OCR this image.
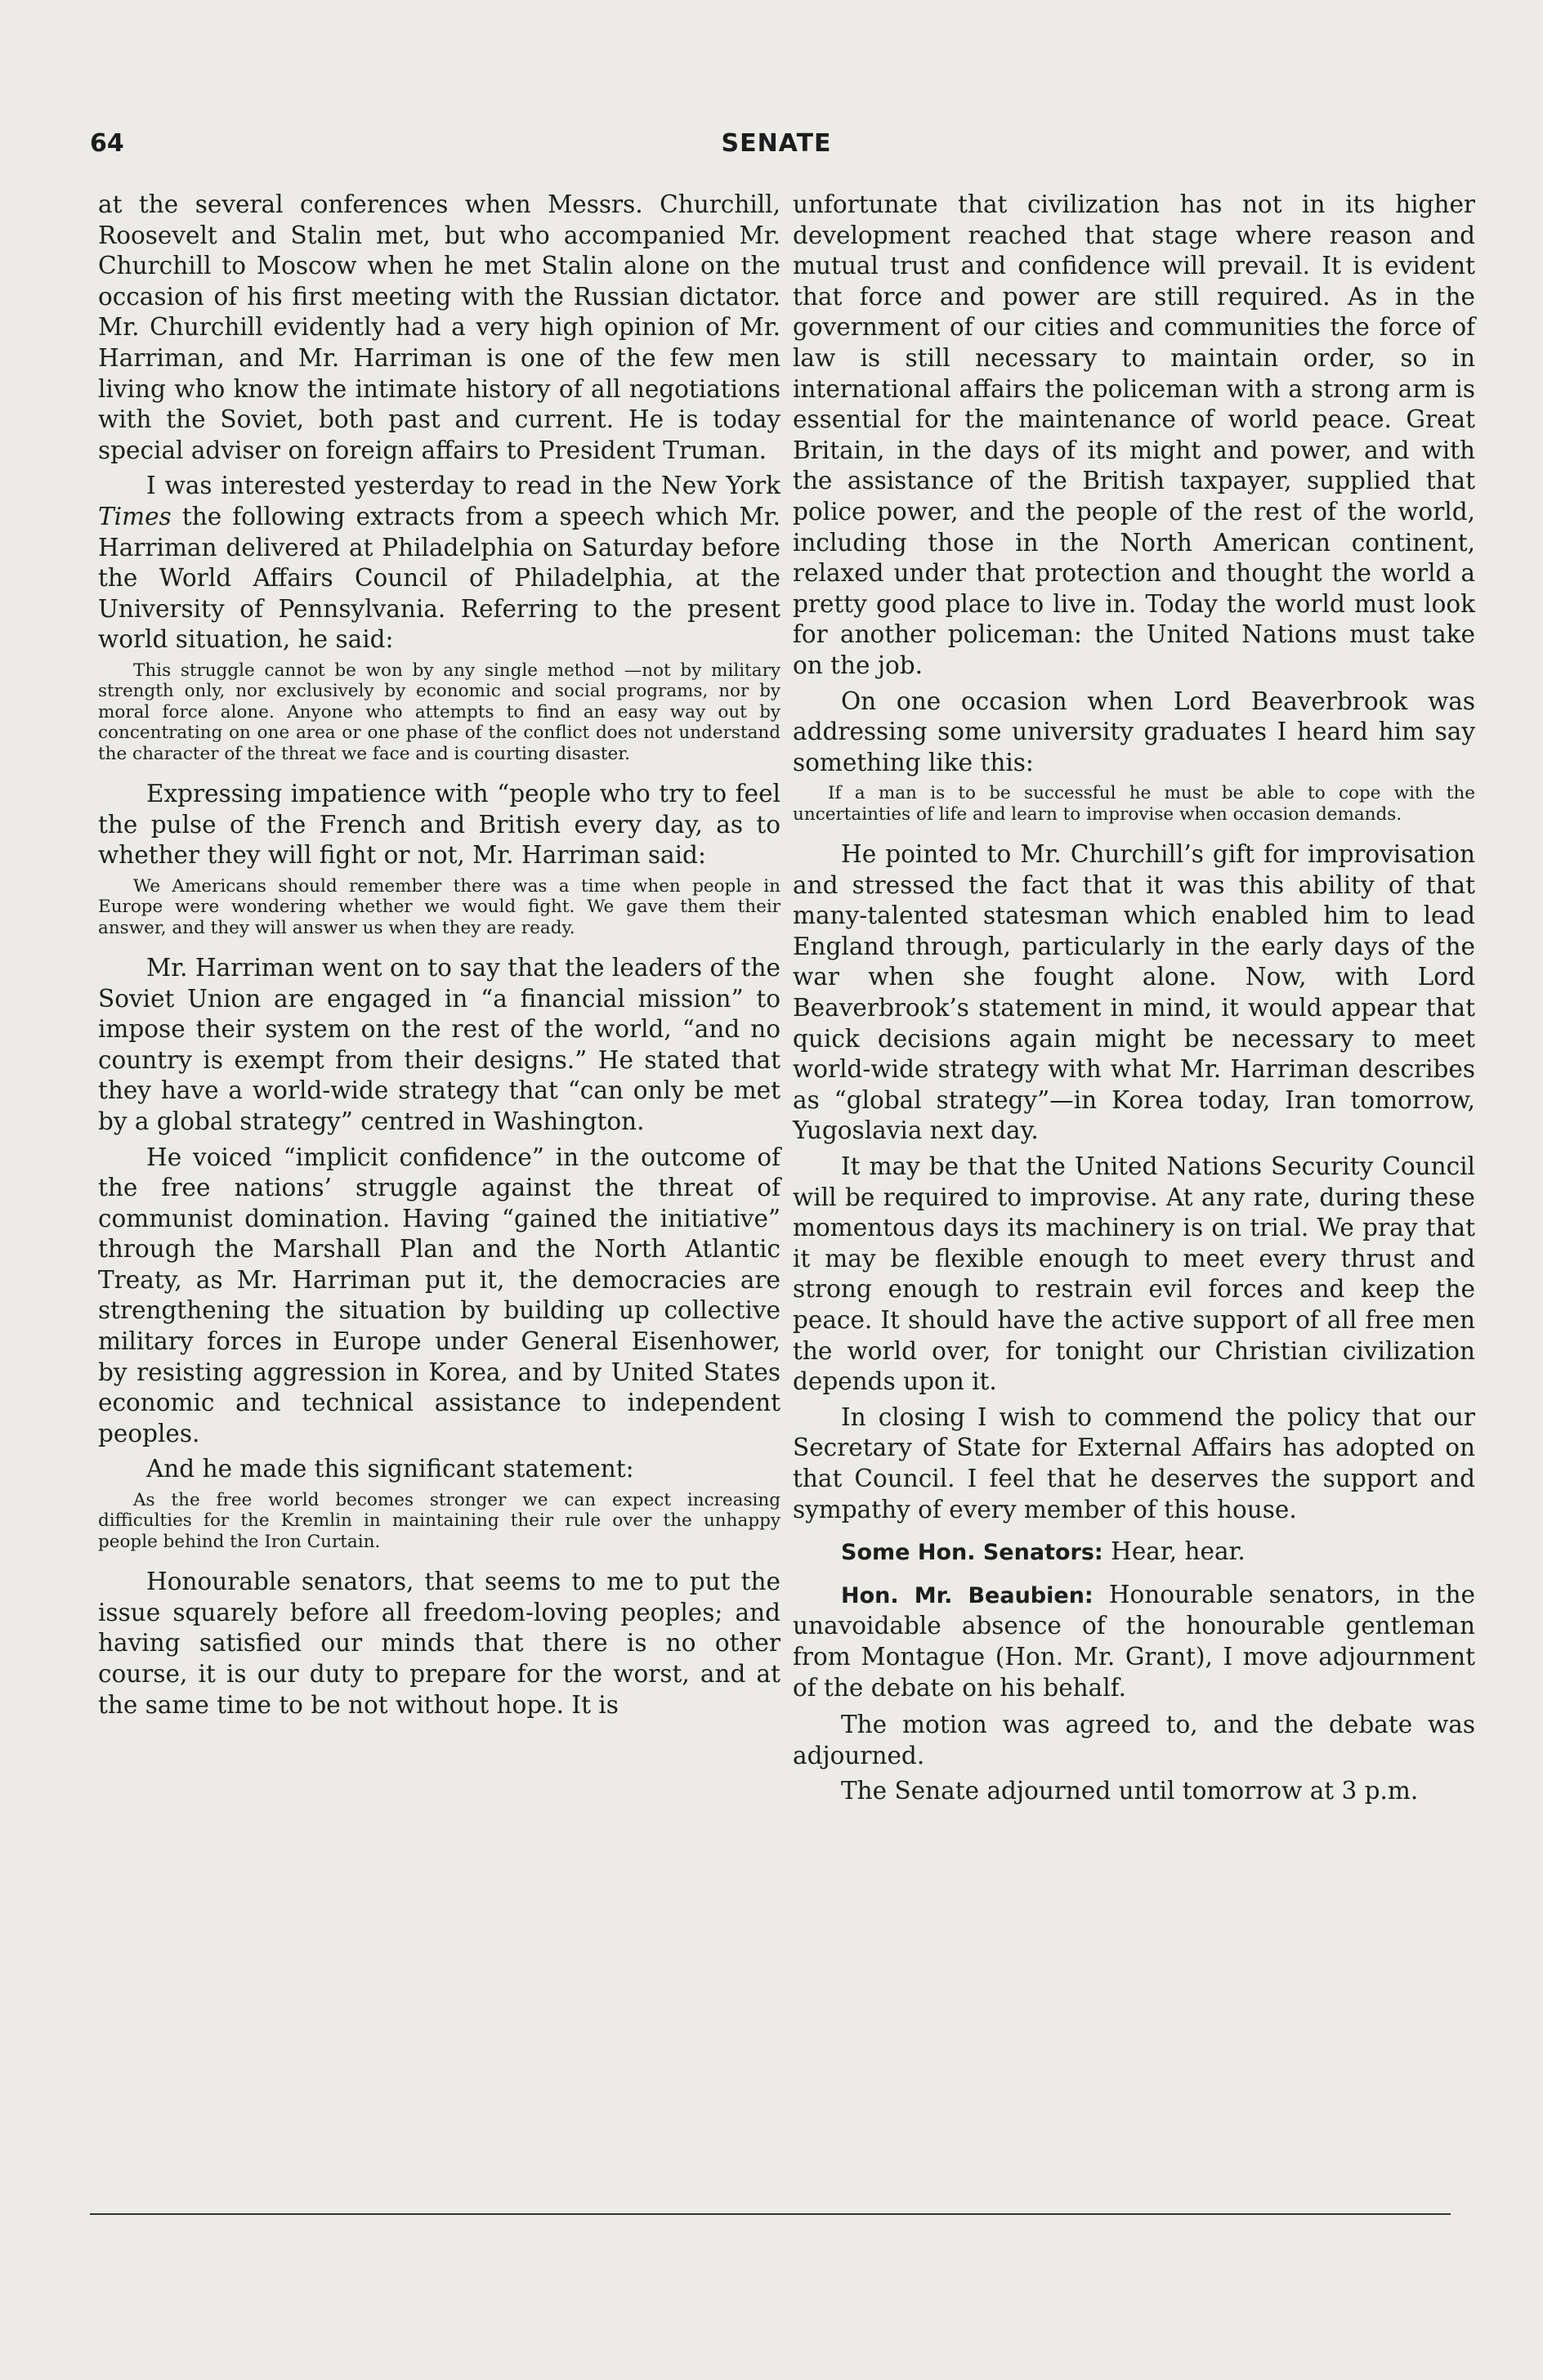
64	SENATE

at the several conferences when Messrs. Churchill, Roosevelt and Stalin met, but who accompanied Mr. Churchill to Moscow when he met Stalin alone on the occasion of his first meeting with the Russian dictator. Mr. Churchill evidently had a very high opinion of Mr. Harriman, and Mr. Harriman is one of the few men living who know the intimate history of all negotiations with the Soviet, both past and current. He is today special adviser on foreign affairs to President Truman.

I was interested yesterday to read in the New York Times the following extracts from a speech which Mr. Harriman delivered at Philadelphia on Saturday before the World Affairs Council of Philadelphia, at the University of Pennsylvania. Referring to the present world situation, he said:

This struggle cannot be won by any single method —not by military strength only, nor exclusively by economic and social programs, nor by moral force alone. Anyone who attempts to find an easy way out by concentrating on one area or one phase of the conflict does not understand the character of the threat we face and is courting disaster.

Expressing impatience with “people who try to feel the pulse of the French and British every day, as to whether they will fight or not, Mr. Harriman said:

We Americans should remember there was a time when people in Europe were wondering whether we would fight. We gave them their answer, and they will answer us when they are ready.

Mr. Harriman went on to say that the leaders of the Soviet Union are engaged in “a financial mission” to impose their system on the rest of the world, “and no country is exempt from their designs.” He stated that they have a world-wide strategy that “can only be met by a global strategy” centred in Washington.

He voiced “implicit confidence” in the outcome of the free nations’ struggle against the threat of communist domination. Having “gained the initiative” through the Marshall Plan and the North Atlantic Treaty, as Mr. Harriman put it, the democracies are strengthening the situation by building up collective military forces in Europe under General Eisenhower, by resisting aggression in Korea, and by United States economic and technical assistance to independent peoples.

And he made this significant statement:

As the free world becomes stronger we can expect increasing difficulties for the Kremlin in maintaining their rule over the unhappy people behind the Iron Curtain.

Honourable senators, that seems to me to put the issue squarely before all freedom-loving peoples; and having satisfied our minds that there is no other course, it is our duty to prepare for the worst, and at the same time to be not without hope. It is

unfortunate that civilization has not in its higher development reached that stage where reason and mutual trust and confidence will prevail. It is evident that force and power are still required. As in the government of our cities and communities the force of law is still necessary to maintain order, so in international affairs the policeman with a strong arm is essential for the maintenance of world peace. Great Britain, in the days of its might and power, and with the assistance of the British taxpayer, supplied that police power, and the people of the rest of the world, including those in the North American continent, relaxed under that protection and thought the world a pretty good place to live in. Today the world must look for another policeman: the United Nations must take on the job.

On one occasion when Lord Beaverbrook was addressing some university graduates I heard him say something like this:

If a man is to be successful he must be able to cope with the uncertainties of life and learn to improvise when occasion demands.

He pointed to Mr. Churchill’s gift for improvisation and stressed the fact that it was this ability of that many-talented statesman which enabled him to lead England through, particularly in the early days of the war when she fought alone. Now, with Lord Beaverbrook’s statement in mind, it would appear that quick decisions again might be necessary to meet world-wide strategy with what Mr. Harriman describes as “global strategy”—in Korea today, Iran tomorrow, Yugoslavia next day.

It may be that the United Nations Security Council will be required to improvise. At any rate, during these momentous days its machinery is on trial. We pray that it may be flexible enough to meet every thrust and strong enough to restrain evil forces and keep the peace. It should have the active support of all free men the world over, for tonight our Christian civilization depends upon it.

In closing I wish to commend the policy that our Secretary of State for External Affairs has adopted on that Council. I feel that he deserves the support and sympathy of every member of this house.

Some Hon. Senators: Hear, hear.

Hon. Mr. Beaubien: Honourable senators, in the unavoidable absence of the honourable gentleman from Montague (Hon. Mr. Grant), I move adjournment of the debate on his behalf.

The motion was agreed to, and the debate was adjourned.

The Senate adjourned until tomorrow at 3 p.m.
